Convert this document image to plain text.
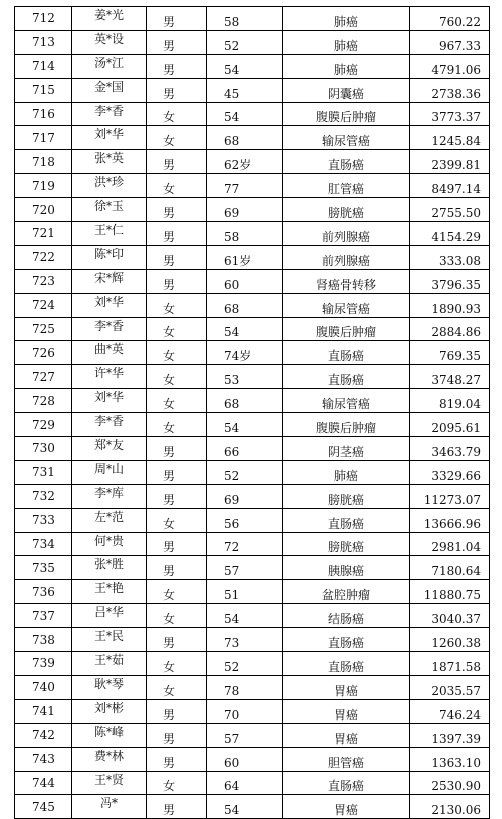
712	姜*光	男	58	肺癌	760.22
713	英*设	男	52	肺癌	967.33
714	汤*江	男	54	肺癌	4791.06
715	金*国	男	45	阴囊癌	2738.36
716	李*香	女	54	腹膜后肿瘤	3773.37
717	刘*华	女	68	输尿管癌	1245.84
718	张*英	男	62岁	直肠癌	2399.81
719	洪*珍	女	77	肛管癌	8497.14
720	徐*玉	男	69	膀胱癌	2755.50
721	王*仁	男	58	前列腺癌	4154.29
722	陈*印	男	61岁	前列腺癌	333.08
723	宋*辉	男	60	肾癌骨转移	3796.35
724	刘*华	女	68	输尿管癌	1890.93
725	李*香	女	54	腹膜后肿瘤	2884.86
726	曲*英	女	74岁	直肠癌	769.35
727	许*华	女	53	直肠癌	3748.27
728	刘*华	女	68	输尿管癌	819.04
729	李*香	女	54	腹膜后肿瘤	2095.61
730	郑*友	男	66	阴茎癌	3463.79
731	周*山	男	52	肺癌	3329.66
732	李*库	男	69	膀胱癌	11273.07
733	左*范	女	56	直肠癌	13666.96
734	何*贵	男	72	膀胱癌	2981.04
735	张*胜	男	57	胰腺癌	7180.64
736	王*艳	女	51	盆腔肿瘤	11880.75
737	吕*华	女	54	结肠癌	3040.37
738	王*民	男	73	直肠癌	1260.38
739	王*茹	女	52	直肠癌	1871.58
740	耿*琴	女	78	胃癌	2035.57
741	刘*彬	男	70	胃癌	746.24
742	陈*峰	男	57	胃癌	1397.39
743	费*林	男	60	胆管癌	1363.10
744	王*贤	女	64	直肠癌	2530.90
745	冯*	男	54	胃癌	2130.06
